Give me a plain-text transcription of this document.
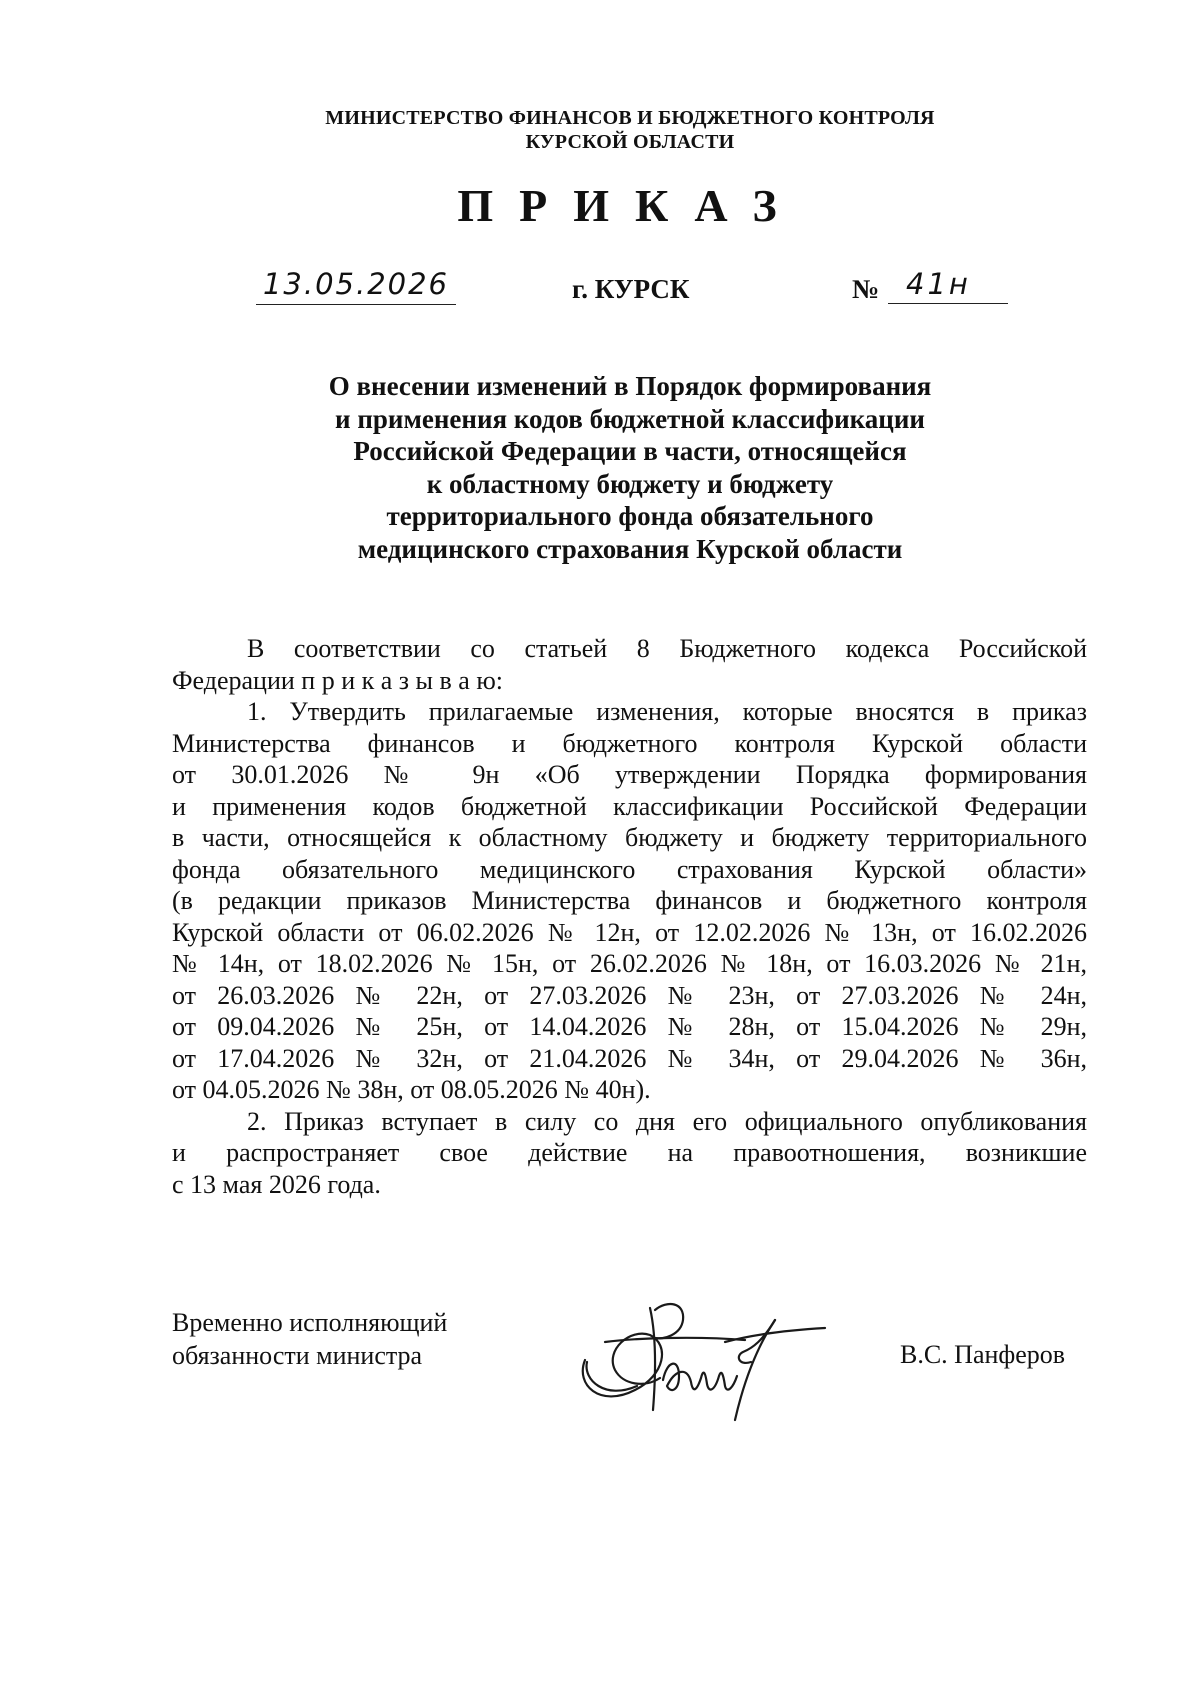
МИНИСТЕРСТВО ФИНАНСОВ И БЮДЖЕТНОГО КОНТРОЛЯ
КУРСКОЙ ОБЛАСТИ
ПРИКАЗ
13.05.2026	г. КУРСК	№ 41н
О внесении изменений в Порядок формирования
и применения кодов бюджетной классификации
Российской Федерации в части, относящейся
к областному бюджету и бюджету
территориального фонда обязательного
медицинского страхования Курской области
В соответствии со статьей 8 Бюджетного кодекса Российской
Федерации п р и к а з ы в а ю:
1. Утвердить прилагаемые изменения, которые вносятся в приказ
Министерства финансов и бюджетного контроля Курской области
от 30.01.2026 № 9н «Об утверждении Порядка формирования
и применения кодов бюджетной классификации Российской Федерации
в части, относящейся к областному бюджету и бюджету территориального
фонда обязательного медицинского страхования Курской области»
(в редакции приказов Министерства финансов и бюджетного контроля
Курской области от 06.02.2026 № 12н, от 12.02.2026 № 13н, от 16.02.2026
№ 14н, от 18.02.2026 № 15н, от 26.02.2026 № 18н, от 16.03.2026 № 21н,
от 26.03.2026 № 22н, от 27.03.2026 № 23н, от 27.03.2026 № 24н,
от 09.04.2026 № 25н, от 14.04.2026 № 28н, от 15.04.2026 № 29н,
от 17.04.2026 № 32н, от 21.04.2026 № 34н, от 29.04.2026 № 36н,
от 04.05.2026 № 38н, от 08.05.2026 № 40н).
2. Приказ вступает в силу со дня его официального опубликования
и распространяет свое действие на правоотношения, возникшие
с 13 мая 2026 года.
Временно исполняющий
обязанности министра	В.С. Панферов
